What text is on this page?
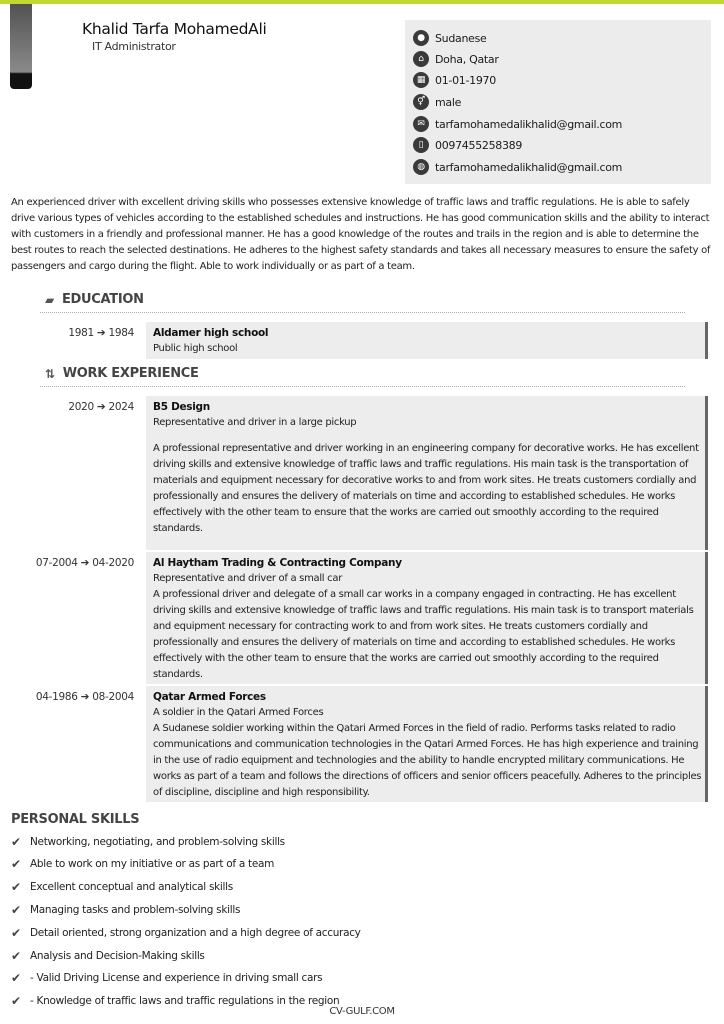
Khalid Tarfa MohamedAli
IT Administrator
● Sudanese
⌂	Doha, Qatar
▦ 01-01-1970
⚥ male
✉ tarfamohamedalikhalid@gmail.com
▯	0097455258389
◍ tarfamohamedalikhalid@gmail.com
An experienced driver with excellent driving skills who possesses extensive knowledge of traffic laws and traffic regulations. He is able to safely drive various types of vehicles according to the established schedules and instructions. He has good communication skills and the ability to interact with customers in a friendly and professional manner. He has a good knowledge of the routes and trails in the region and is able to determine the best routes to reach the selected destinations. He adheres to the highest safety standards and takes all necessary measures to ensure the safety of passengers and cargo during the flight. Able to work individually or as part of a team.
▰ EDUCATION
1981 ➔ 1984 Aldamer high school
Public high school
⇅ WORK EXPERIENCE
2020 ➔ 2024 B5 Design
Representative and driver in a large pickup
A professional representative and driver working in an engineering company for decorative works. He has excellent driving skills and extensive knowledge of traffic laws and traffic regulations. His main task is the transportation of materials and equipment necessary for decorative works to and from work sites. He treats customers cordially and professionally and ensures the delivery of materials on time and according to established schedules. He works effectively with the other team to ensure that the works are carried out smoothly according to the required standards.
07-2004 ➔ 04-2020 Al Haytham Trading & Contracting Company
Representative and driver of a small car
A professional driver and delegate of a small car works in a company engaged in contracting. He has excellent driving skills and extensive knowledge of traffic laws and traffic regulations. His main task is to transport materials and equipment necessary for contracting work to and from work sites. He treats customers cordially and professionally and ensures the delivery of materials on time and according to established schedules. He works effectively with the other team to ensure that the works are carried out smoothly according to the required standards.
04-1986 ➔ 08-2004 Qatar Armed Forces
A soldier in the Qatari Armed Forces
A Sudanese soldier working within the Qatari Armed Forces in the field of radio. Performs tasks related to radio communications and communication technologies in the Qatari Armed Forces. He has high experience and training in the use of radio equipment and technologies and the ability to handle encrypted military communications. He works as part of a team and follows the directions of officers and senior officers peacefully. Adheres to the principles of discipline, discipline and high responsibility.
PERSONAL SKILLS
✔ Networking, negotiating, and problem-solving skills
✔ Able to work on my initiative or as part of a team
✔ Excellent conceptual and analytical skills
✔ Managing tasks and problem-solving skills
✔ Detail oriented, strong organization and a high degree of accuracy
✔ Analysis and Decision-Making skills
✔ - Valid Driving License and experience in driving small cars
✔ - Knowledge of traffic laws and traffic regulations in the region
CV-GULF.COM
